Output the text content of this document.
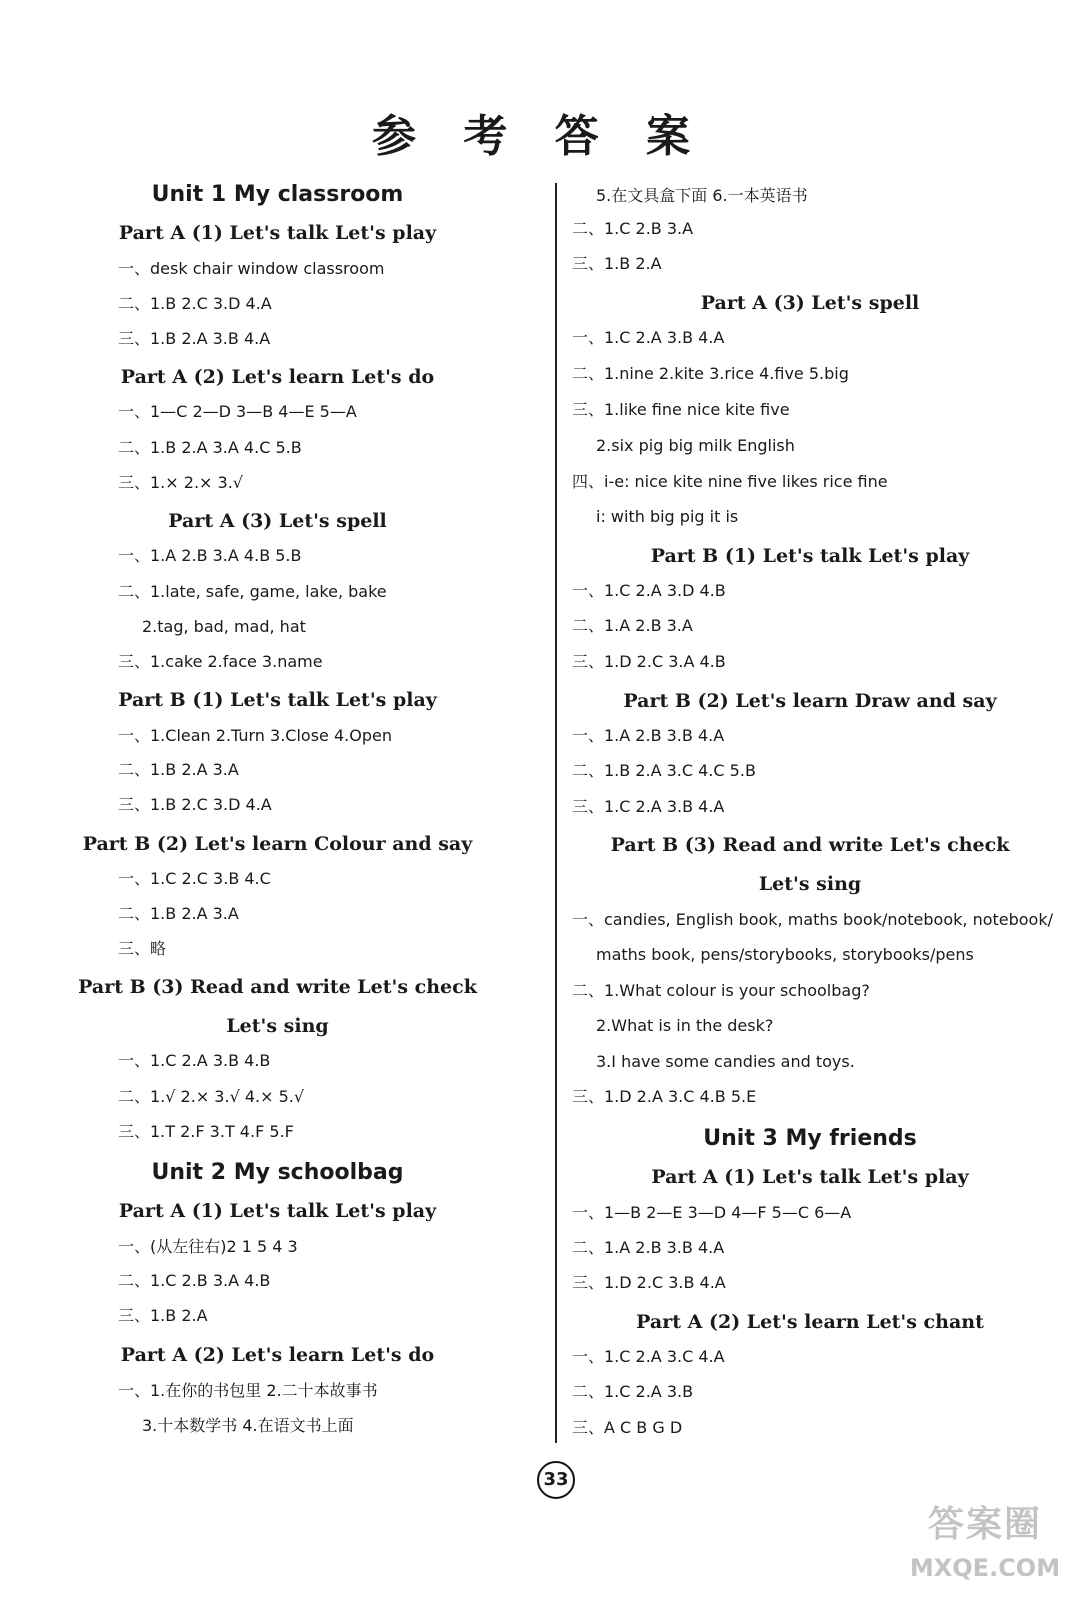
参 考 答 案
Unit 1 My classroom
Part A (1) Let's talk Let's play
一、desk chair window classroom
二、1.B 2.C 3.D 4.A
三、1.B 2.A 3.B 4.A
Part A (2) Let's learn Let's do
一、1—C 2—D 3—B 4—E 5—A
二、1.B 2.A 3.A 4.C 5.B
三、1.× 2.× 3.√
Part A (3) Let's spell
一、1.A 2.B 3.A 4.B 5.B
二、1.late, safe, game, lake, bake
2.tag, bad, mad, hat
三、1.cake 2.face 3.name
Part B (1) Let's talk Let's play
一、1.Clean 2.Turn 3.Close 4.Open
二、1.B 2.A 3.A
三、1.B 2.C 3.D 4.A
Part B (2) Let's learn Colour and say
一、1.C 2.C 3.B 4.C
二、1.B 2.A 3.A
三、略
Part B (3) Read and write Let's check
Let's sing
一、1.C 2.A 3.B 4.B
二、1.√ 2.× 3.√ 4.× 5.√
三、1.T 2.F 3.T 4.F 5.F
Unit 2 My schoolbag
Part A (1) Let's talk Let's play
一、(从左往右)2 1 5 4 3
二、1.C 2.B 3.A 4.B
三、1.B 2.A
Part A (2) Let's learn Let's do
一、1.在你的书包里 2.二十本故事书
3.十本数学书 4.在语文书上面
5.在文具盒下面 6.一本英语书
二、1.C 2.B 3.A
三、1.B 2.A
Part A (3) Let's spell
一、1.C 2.A 3.B 4.A
二、1.nine 2.kite 3.rice 4.five 5.big
三、1.like fine nice kite five
2.six pig big milk English
四、i-e: nice kite nine five likes rice fine
i: with big pig it is
Part B (1) Let's talk Let's play
一、1.C 2.A 3.D 4.B
二、1.A 2.B 3.A
三、1.D 2.C 3.A 4.B
Part B (2) Let's learn Draw and say
一、1.A 2.B 3.B 4.A
二、1.B 2.A 3.C 4.C 5.B
三、1.C 2.A 3.B 4.A
Part B (3) Read and write Let's check
Let's sing
一、candies, English book, maths book/notebook, notebook/
maths book, pens/storybooks, storybooks/pens
二、1.What colour is your schoolbag?
2.What is in the desk?
3.I have some candies and toys.
三、1.D 2.A 3.C 4.B 5.E
Unit 3 My friends
Part A (1) Let's talk Let's play
一、1—B 2—E 3—D 4—F 5—C 6—A
二、1.A 2.B 3.B 4.A
三、1.D 2.C 3.B 4.A
Part A (2) Let's learn Let's chant
一、1.C 2.A 3.C 4.A
二、1.C 2.A 3.B
三、A C B G D
33
答案圈
MXQE.COM
